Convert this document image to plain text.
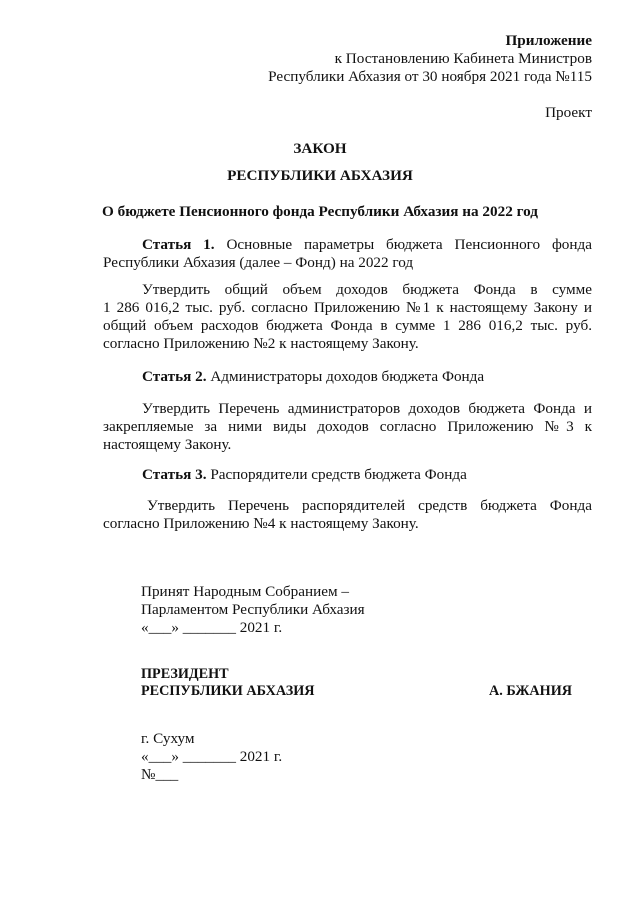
Приложение
к Постановлению Кабинета Министров
Республики Абхазия от 30 ноября 2021 года №115
Проект
ЗАКОН
РЕСПУБЛИКИ АБХАЗИЯ
О бюджете Пенсионного фонда Республики Абхазия на 2022 год
Статья 1. Основные параметры бюджета Пенсионного фонда
Республики Абхазия (далее – Фонд) на 2022 год
Утвердить общий объем доходов бюджета Фонда в сумме
1 286 016,2 тыс. руб. согласно Приложению №1 к настоящему Закону и
общий объем расходов бюджета Фонда в сумме 1 286 016,2 тыс. руб.
согласно Приложению №2 к настоящему Закону.
Статья 2. Администраторы доходов бюджета Фонда
Утвердить Перечень администраторов доходов бюджета Фонда и
закрепляемые за ними виды доходов согласно Приложению №3 к
настоящему Закону.
Статья 3. Распорядители средств бюджета Фонда
Утвердить Перечень распорядителей средств бюджета Фонда
согласно Приложению №4 к настоящему Закону.
Принят Народным Собранием –
Парламентом Республики Абхазия
«___» _______ 2021 г.
ПРЕЗИДЕНТ
РЕСПУБЛИКИ АБХАЗИЯ	А. БЖАНИЯ
г. Сухум
«___» _______ 2021 г.
№___
